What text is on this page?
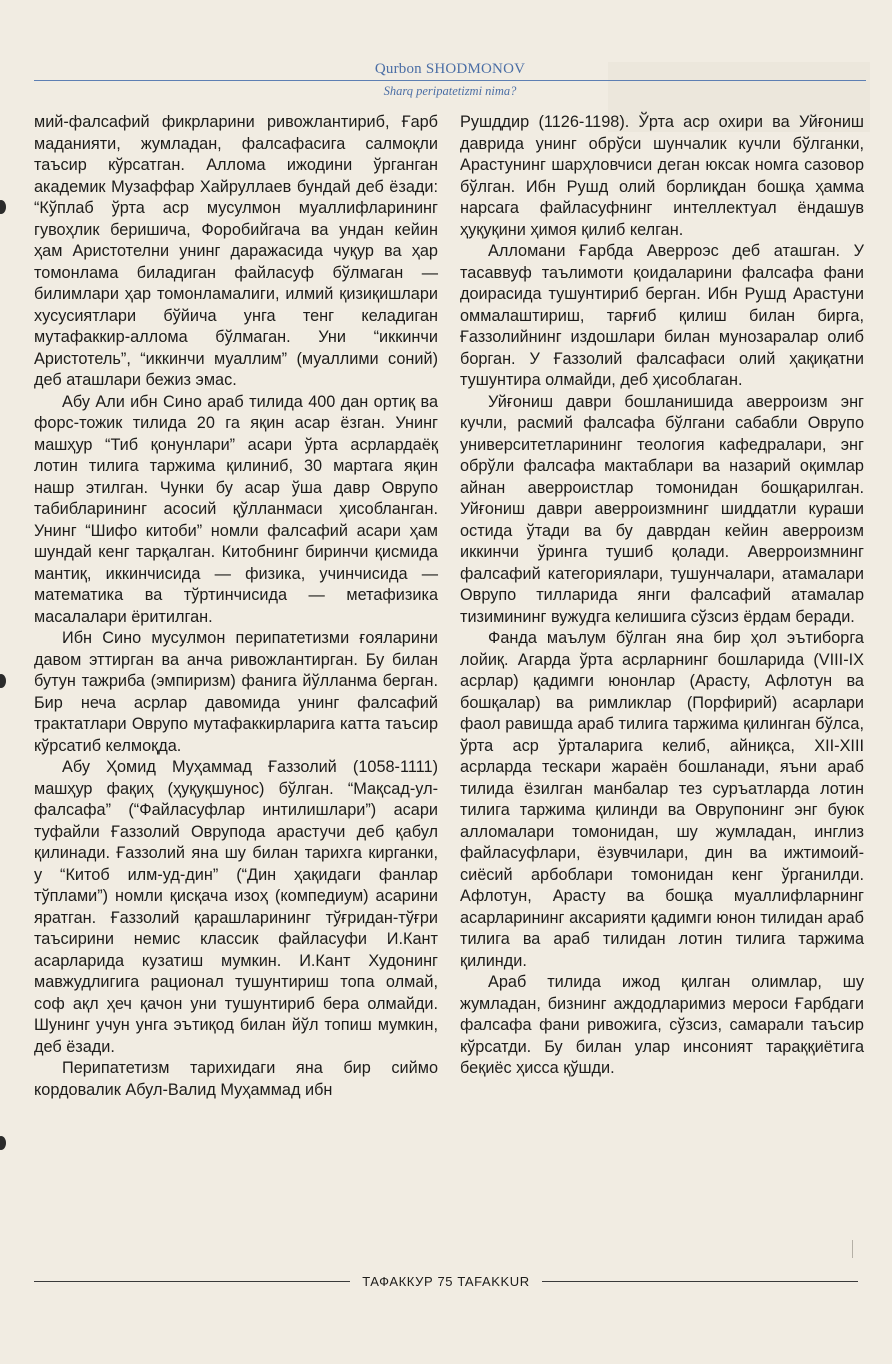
Qurbon SHODMONOV
Sharq peripatetizmi nima?

мий-фалсафий фикрларини ривожлантириб, Ғарб маданияти, жумладан, фалсафасига салмоқли таъсир кўрсатган. Аллома ижодини ўрганган академик Музаффар Хайруллаев бундай деб ёзади: “Кўплаб ўрта аср мусулмон муаллифларининг гувоҳлик беришича, Форобийгача ва ундан кейин ҳам Аристотелни унинг даражасида чуқур ва ҳар томонлама биладиган файласуф бўлмаган — билимлари ҳар томонламалиги, илмий қизиқишлари хусусиятлари бўйича унга тенг келадиган мутафаккир-аллома бўлмаган. Уни “иккинчи Аристотель”, “иккинчи муаллим” (муаллими соний) деб аташлари бежиз эмас.

Абу Али ибн Сино араб тилида 400 дан ортиқ ва форс-тожик тилида 20 га яқин асар ёзган. Унинг машҳур “Тиб қонунлари” асари ўрта асрлардаёқ лотин тилига таржима қилиниб, 30 мартага яқин нашр этилган. Чунки бу асар ўша давр Оврупо табибларининг асосий қўлланмаси ҳисобланган. Унинг “Шифо китоби” номли фалсафий асари ҳам шундай кенг тарқалган. Китобнинг биринчи қисмида мантиқ, иккинчисида — физика, учинчисида — математика ва тўртинчисида — метафизика масалалари ёритилган.

Ибн Сино мусулмон перипатетизми ғояларини давом эттирган ва анча ривожлантирган. Бу билан бутун тажриба (эмпиризм) фанига йўлланма берган. Бир неча асрлар давомида унинг фалсафий трактатлари Оврупо мутафаккирларига катта таъсир кўрсатиб келмоқда.

Абу Ҳомид Муҳаммад Ғаззолий (1058-1111) машҳур фақиҳ (ҳуқуқшунос) бўлган. “Мақсад-ул-фалсафа” (“Файласуфлар интилишлари”) асари туфайли Ғаззолий Оврупода арастучи деб қабул қилинади. Ғаззолий яна шу билан тарихга кирганки, у “Китоб илм-уд-дин” (“Дин ҳақидаги фанлар тўплами”) номли қисқача изоҳ (компедиум) асарини яратган. Ғаззолий қарашларининг тўғридан-тўғри таъсирини немис классик файласуфи И.Кант асарларида кузатиш мумкин. И.Кант Худонинг мавжудлигига рационал тушунтириш топа олмай, соф ақл ҳеч қачон уни тушунтириб бера олмайди. Шунинг учун унга эътиқод билан йўл топиш мумкин, деб ёзади.

Перипатетизм тарихидаги яна бир сиймо кордовалик Абул-Валид Муҳаммад ибн

Рушддир (1126-1198). Ўрта аср охири ва Уйғониш даврида унинг обрўси шунчалик кучли бўлганки, Арастунинг шарҳловчиси деган юксак номга сазовор бўлган. Ибн Рушд олий борлиқдан бошқа ҳамма нарсага файласуфнинг интеллектуал ёндашув ҳуқуқини ҳимоя қилиб келган.

Алломани Ғарбда Аверроэс деб аташган. У тасаввуф таълимоти қоидаларини фалсафа фани доирасида тушунтириб берган. Ибн Рушд Арастуни оммалаштириш, тарғиб қилиш билан бирга, Ғаззолийнинг издошлари билан мунозаралар олиб борган. У Ғаззолий фалсафаси олий ҳақиқатни тушунтира олмайди, деб ҳисоблаган.

Уйғониш даври бошланишида аверроизм энг кучли, расмий фалсафа бўлгани сабабли Оврупо университетларининг теология кафедралари, энг обрўли фалсафа мактаблари ва назарий оқимлар айнан аверроистлар томонидан бошқарилган. Уйғониш даври аверроизмнинг шиддатли кураши остида ўтади ва бу даврдан кейин аверроизм иккинчи ўринга тушиб қолади. Аверроизмнинг фалсафий категориялари, тушунчалари, атамалари Оврупо тилларида янги фалсафий атамалар тизимининг вужудга келишига сўзсиз ёрдам беради.

Фанда маълум бўлган яна бир ҳол эътиборга лойиқ. Агарда ўрта асрларнинг бошларида (VIII-IX асрлар) қадимги юнонлар (Арасту, Афлотун ва бошқалар) ва римликлар (Порфирий) асарлари фаол равишда араб тилига таржима қилинган бўлса, ўрта аср ўрталарига келиб, айниқса, XII-XIII асрларда тескари жараён бошланади, яъни араб тилида ёзилган манбалар тез суръатларда лотин тилига таржима қилинди ва Оврупонинг энг буюк алломалари томонидан, шу жумладан, инглиз файласуфлари, ёзувчилари, дин ва ижтимоий-сиёсий арбоблари томонидан кенг ўрганилди. Афлотун, Арасту ва бошқа муаллифларнинг асарларининг аксарияти қадимги юнон тилидан араб тилига ва араб тилидан лотин тилига таржима қилинди.

Араб тилида ижод қилган олимлар, шу жумладан, бизнинг аждодларимиз мероси Ғарбдаги фалсафа фани ривожига, сўзсиз, самарали таъсир кўрсатди. Бу билан улар инсоният тараққиётига беқиёс ҳисса қўшди.

ТАФАККУР 75 TAFAKKUR
